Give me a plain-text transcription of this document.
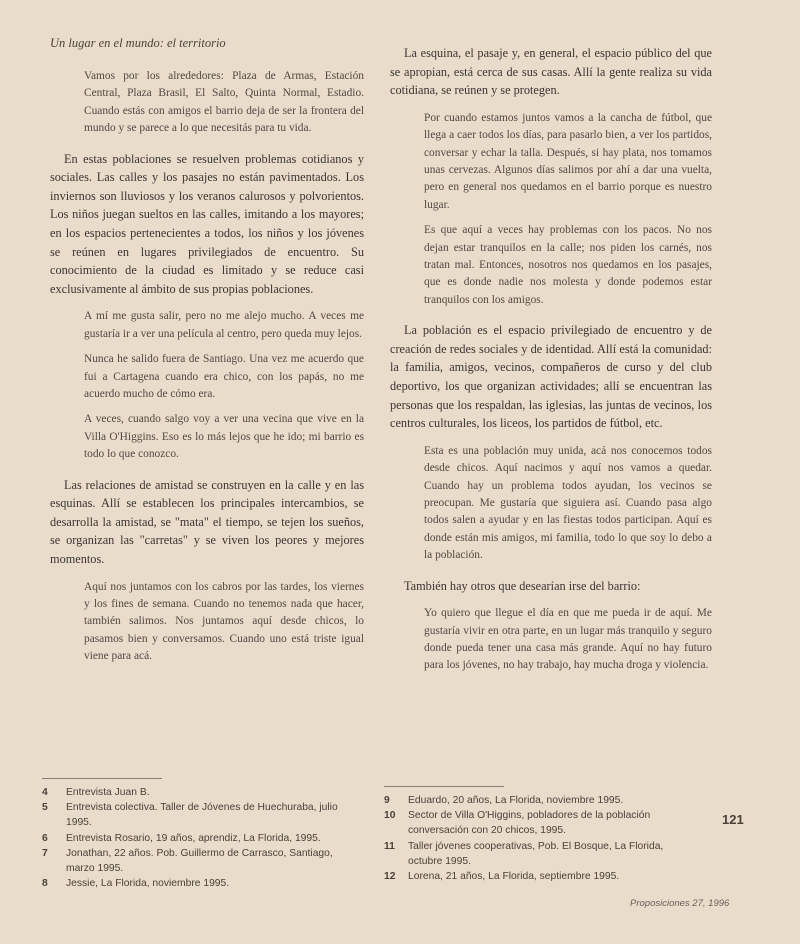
Un lugar en el mundo: el territorio

Vamos por los alrededores: Plaza de Armas, Estación Central, Plaza Brasil, El Salto, Quinta Normal, Estadio. Cuando estás con amigos el barrio deja de ser la frontera del mundo y se parece a lo que necesitás para tu vida.

En estas poblaciones se resuelven problemas cotidianos y sociales. Las calles y los pasajes no están pavimentados. Los inviernos son lluviosos y los veranos calurosos y polvorientos. Los niños juegan sueltos en las calles, imitando a los mayores; en los espacios pertenecientes a todos, los niños y los jóvenes se reúnen en lugares privilegiados de encuentro. Su conocimiento de la ciudad es limitado y se reduce casi exclusivamente al ámbito de sus propias poblaciones.

A mí me gusta salir, pero no me alejo mucho. A veces me gustaría ir a ver una película al centro, pero queda muy lejos.

Nunca he salido fuera de Santiago. Una vez me acuerdo que fui a Cartagena cuando era chico, con los papás, no me acuerdo mucho de cómo era.

A veces, cuando salgo voy a ver una vecina que vive en la Villa O'Higgins. Eso es lo más lejos que he ido; mi barrio es todo lo que conozco.

Las relaciones de amistad se construyen en la calle y en las esquinas. Allí se establecen los principales intercambios, se desarrolla la amistad, se "mata" el tiempo, se tejen los sueños, se organizan las "carretas" y se viven los peores y mejores momentos.

Aquí nos juntamos con los cabros por las tardes, los viernes y los fines de semana. Cuando no tenemos nada que hacer, también salimos. Nos juntamos aquí desde chicos, lo pasamos bien y conversamos. Cuando uno está triste igual viene para acá.

La esquina, el pasaje y, en general, el espacio público del que se apropian, está cerca de sus casas. Allí la gente realiza su vida cotidiana, se reúnen y se protegen.

Por cuando estamos juntos vamos a la cancha de fútbol, que llega a caer todos los días, para pasarlo bien, a ver los partidos, conversar y echar la talla. Después, si hay plata, nos tomamos unas cervezas. Algunos días salimos por ahí a dar una vuelta, pero en general nos quedamos en el barrio porque es nuestro lugar.

Es que aquí a veces hay problemas con los pacos. No nos dejan estar tranquilos en la calle; nos piden los carnés, nos tratan mal. Entonces, nosotros nos quedamos en los pasajes, que es donde nadie nos molesta y donde podemos estar tranquilos con los amigos.

La población es el espacio privilegiado de encuentro y de creación de redes sociales y de identidad. Allí está la comunidad: la familia, amigos, vecinos, compañeros de curso y del club deportivo, los que organizan actividades; allí se encuentran las personas que los respaldan, las iglesias, las juntas de vecinos, los centros culturales, los liceos, los partidos de fútbol, etc.

Esta es una población muy unida, acá nos conocemos todos desde chicos. Aquí nacimos y aquí nos vamos a quedar. Cuando hay un problema todos ayudan, los vecinos se preocupan. Me gustaría que siguiera así. Cuando pasa algo todos salen a ayudar y en las fiestas todos participan. Aquí es donde están mis amigos, mi familia, todo lo que soy lo debo a la población.

También hay otros que desearían irse del barrio:

Yo quiero que llegue el día en que me pueda ir de aquí. Me gustaría vivir en otra parte, en un lugar más tranquilo y seguro donde pueda tener una casa más grande. Aquí no hay futuro para los jóvenes, no hay trabajo, hay mucha droga y violencia.

4	Entrevista Juan B.
5	Entrevista colectiva. Taller de Jóvenes de Huechuraba, julio 1995.
6	Entrevista Rosario, 19 años, aprendiz, La Florida, 1995.
7	Jonathan, 22 años. Pob. Guillermo de Carrasco, Santiago, marzo 1995.
8	Jessie, La Florida, noviembre 1995.
9	Eduardo, 20 años, La Florida, noviembre 1995.
10	Sector de Villa O'Higgins, pobladores de la población conversación con 20 chicos, 1995.
11	Taller jóvenes cooperativas, Pob. El Bosque, La Florida, octubre 1995.
12	Lorena, 21 años, La Florida, septiembre 1995.
121
Proposiciones 27, 1996
